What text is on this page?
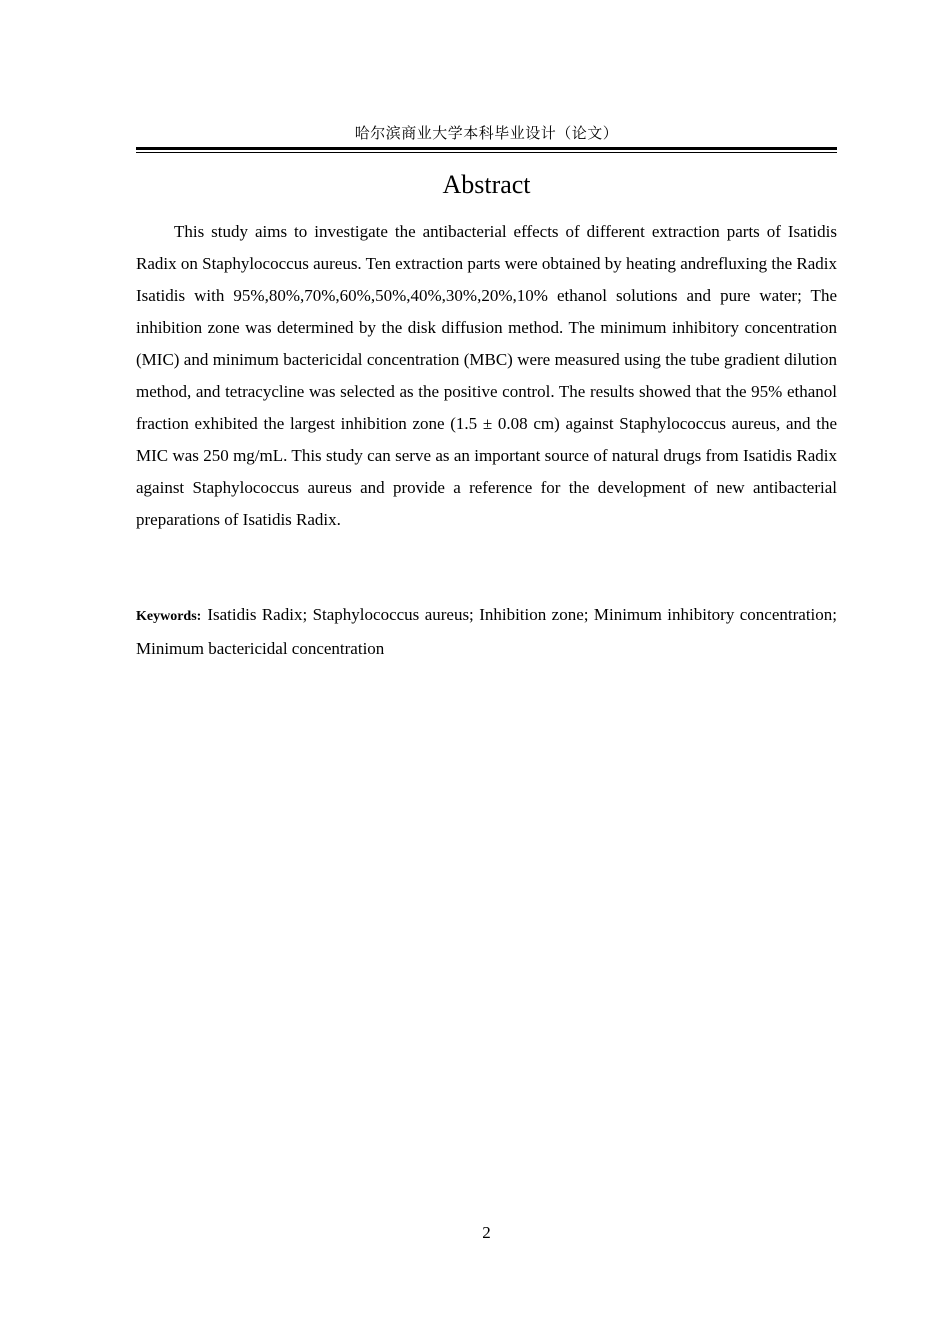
哈尔滨商业大学本科毕业设计（论文）
Abstract

This study aims to investigate the antibacterial effects of different extraction parts of Isatidis Radix on Staphylococcus aureus. Ten extraction parts were obtained by heating andrefluxing the Radix Isatidis with 95%,80%,70%,60%,50%,40%,30%,20%,10% ethanol solutions and pure water; The inhibition zone was determined by the disk diffusion method. The minimum inhibitory concentration (MIC) and minimum bactericidal concentration (MBC) were measured using the tube gradient dilution method, and tetracycline was selected as the positive control. The results showed that the 95% ethanol fraction exhibited the largest inhibition zone (1.5 ± 0.08 cm) against Staphylococcus aureus, and the MIC was 250 mg/mL. This study can serve as an important source of natural drugs from Isatidis Radix against Staphylococcus aureus and provide a reference for the development of new antibacterial preparations of Isatidis Radix.

Keywords: Isatidis Radix; Staphylococcus aureus; Inhibition zone; Minimum inhibitory concentration; Minimum bactericidal concentration

2
